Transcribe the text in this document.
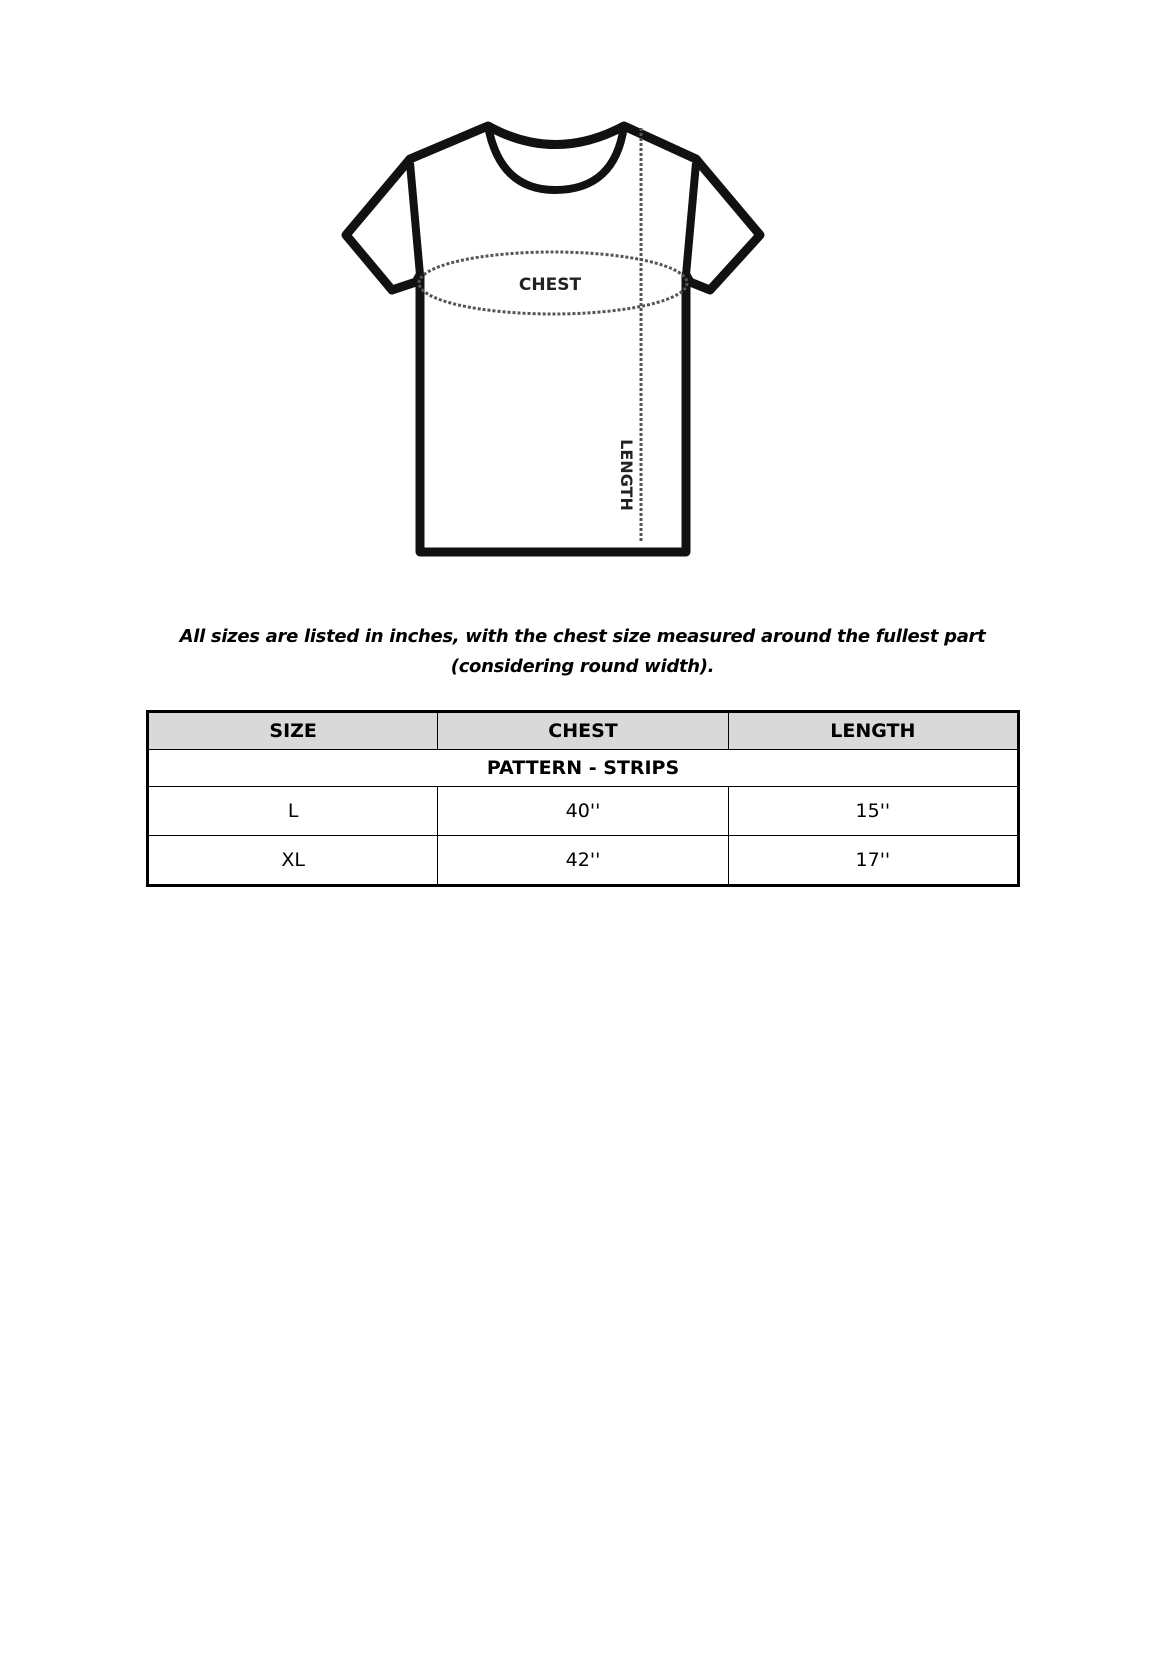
CHEST
LENGTH
All sizes are listed in inches, with the chest size measured around the fullest part
(considering round width).
SIZE	CHEST	LENGTH
PATTERN - STRIPS		
L	40''	15''
XL	42''	17''
